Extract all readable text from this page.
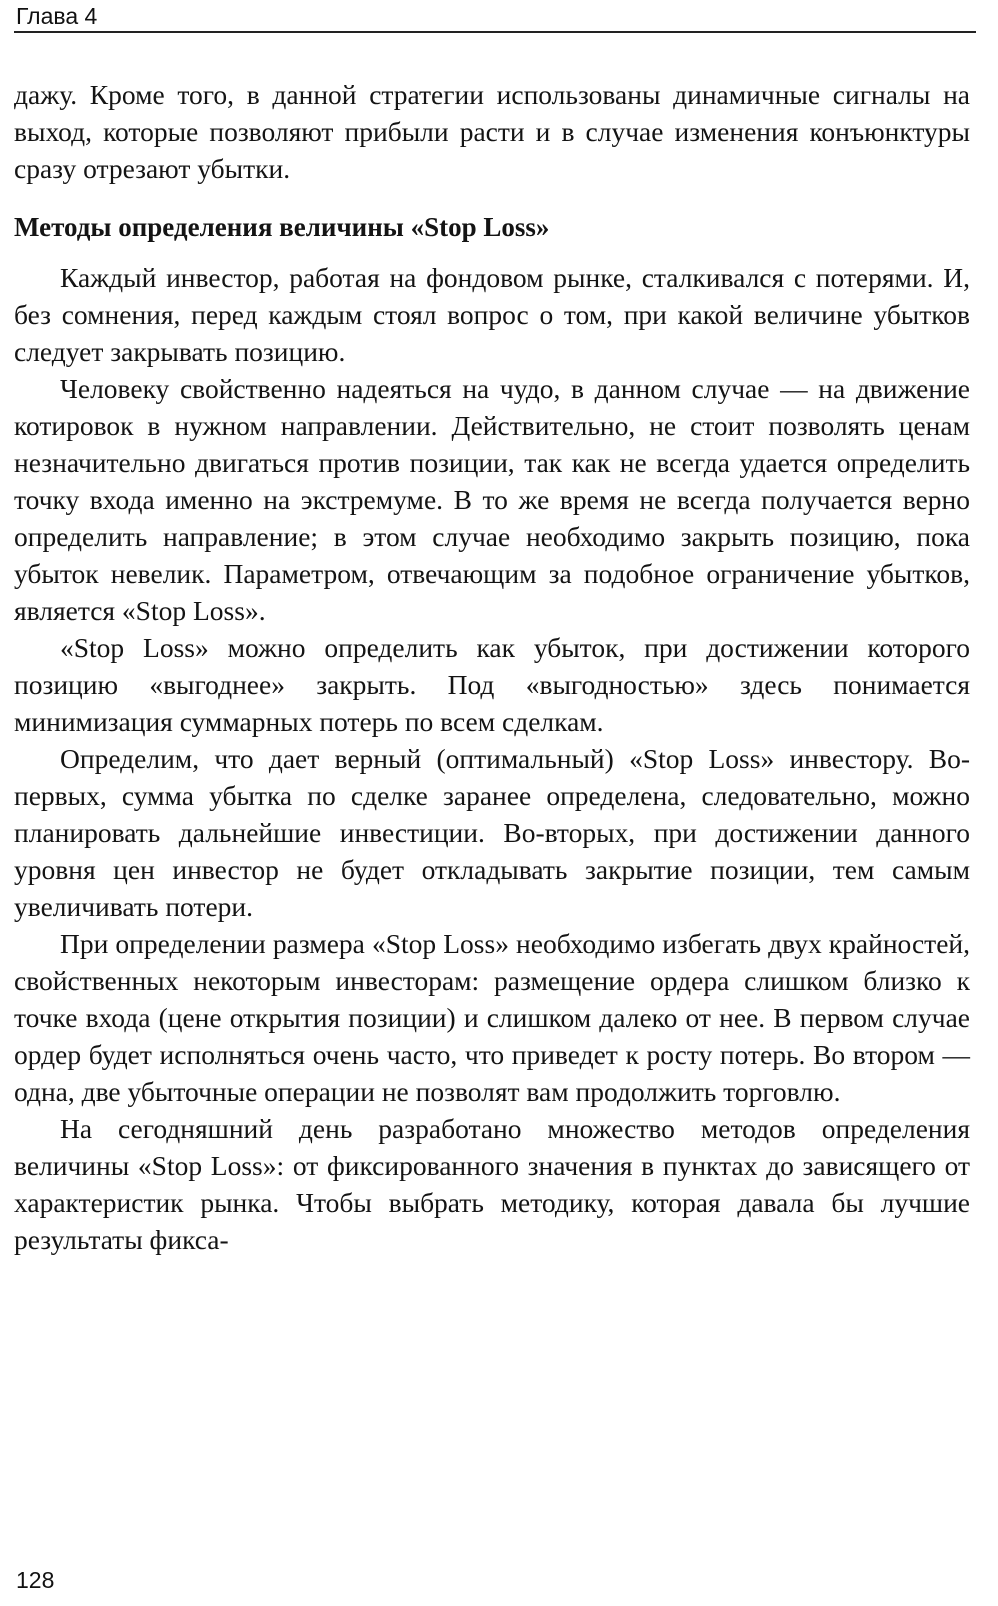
Глава 4

дажу. Кроме того, в данной стратегии использованы динамичные сигналы на выход, которые позволяют прибыли расти и в случае изменения конъюнктуры сразу отрезают убытки.

Методы определения величины «Stop Loss»

Каждый инвестор, работая на фондовом рынке, сталкивался с потерями. И, без сомнения, перед каждым стоял вопрос о том, при какой величине убытков следует закрывать позицию.

Человеку свойственно надеяться на чудо, в данном случае — на движение котировок в нужном направлении. Действительно, не стоит позволять ценам незначительно двигаться против позиции, так как не всегда удается определить точку входа именно на экстремуме. В то же время не всегда получается верно определить направление; в этом случае необходимо закрыть позицию, пока убыток невелик. Параметром, отвечающим за подобное ограничение убытков, является «Stop Loss».

«Stop Loss» можно определить как убыток, при достижении которого позицию «выгоднее» закрыть. Под «выгодностью» здесь понимается минимизация суммарных потерь по всем сделкам.

Определим, что дает верный (оптимальный) «Stop Loss» инвестору. Во-первых, сумма убытка по сделке заранее определена, следовательно, можно планировать дальнейшие инвестиции. Во-вторых, при достижении данного уровня цен инвестор не будет откладывать закрытие позиции, тем самым увеличивать потери.

При определении размера «Stop Loss» необходимо избегать двух крайностей, свойственных некоторым инвесторам: размещение ордера слишком близко к точке входа (цене открытия позиции) и слишком далеко от нее. В первом случае ордер будет исполняться очень часто, что приведет к росту потерь. Во втором — одна, две убыточные операции не позволят вам продолжить торговлю.

На сегодняшний день разработано множество методов определения величины «Stop Loss»: от фиксированного значения в пунктах до зависящего от характеристик рынка. Чтобы выбрать методику, которая давала бы лучшие результаты фикса-

128
